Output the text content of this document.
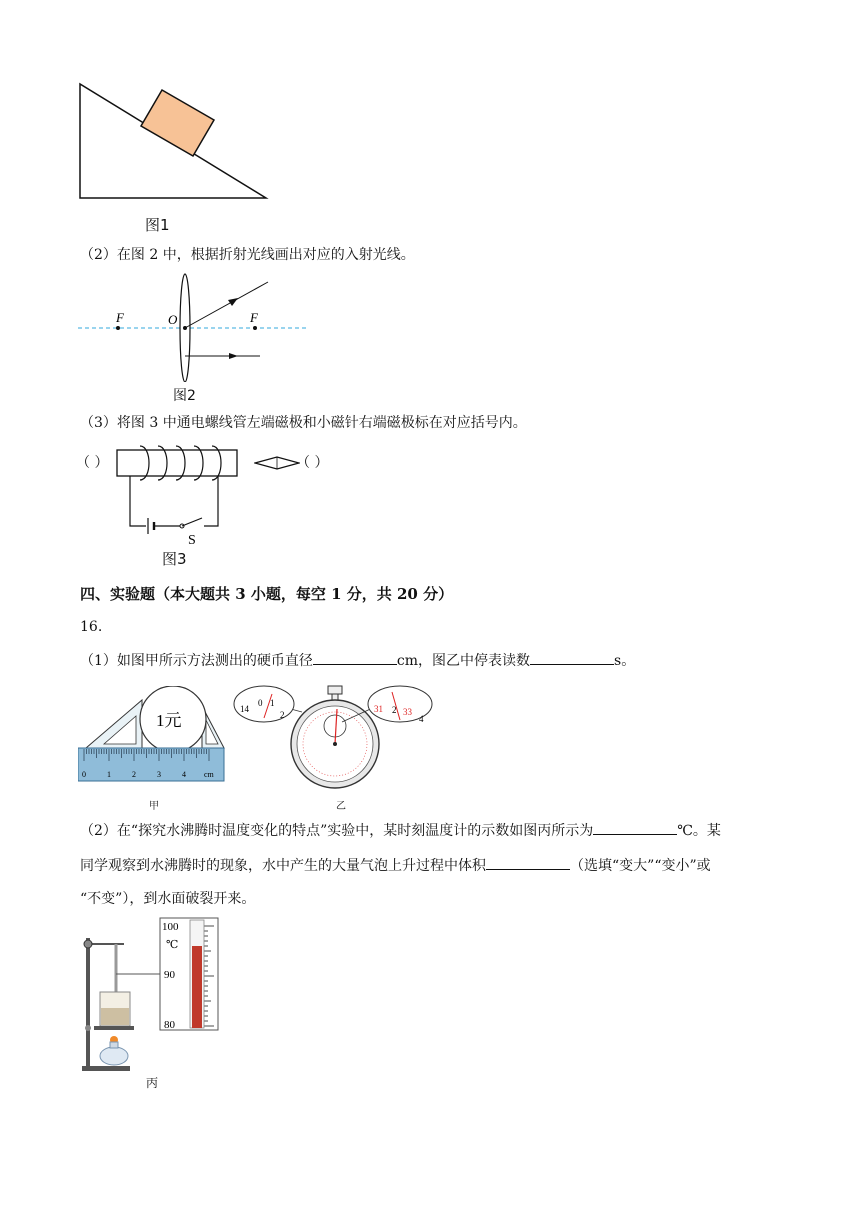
图1
（2）在图 2 中，根据折射光线画出对应的入射光线。
F	O	F
图2
（3）将图 3 中通电螺线管左端磁极和小磁针右端磁极标在对应括号内。
（ ）
S
（ ）
图3
四、实验题（本大题共 3 小题，每空 1 分，共 20 分）
16.
（1）如图甲所示方法测出的硬币直径	cm，图乙中停表读数	s。
1元
0	1	2	3	4 cm
甲
14
0 1
2
31 2 33
4
乙
（2）在“探究水沸腾时温度变化的特点”实验中，某时刻温度计的示数如图丙所示为	℃。某
同学观察到水沸腾时的现象，水中产生的大量气泡上升过程中体积	（选填“变大”“变小”或
“不变”），到水面破裂开来。
100
℃
90
80
丙
